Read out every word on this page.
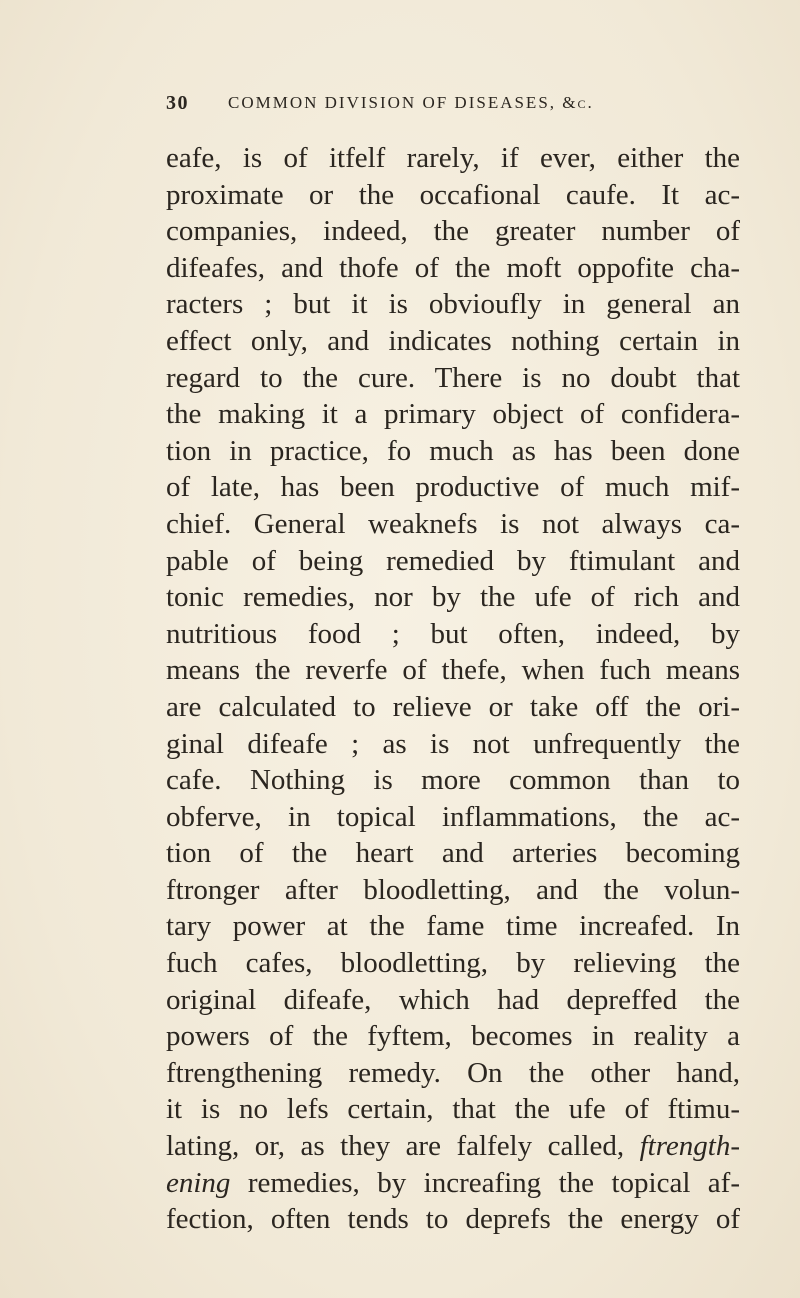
30 COMMON DIVISION OF DISEASES, &c.
eafe, is of itfelf rarely, if ever, either the
proximate or the occafional caufe. It ac-
companies, indeed, the greater number of
difeafes, and thofe of the moft oppofite cha-
racters ; but it is obvioufly in general an
effect only, and indicates nothing certain in
regard to the cure. There is no doubt that
the making it a primary object of confidera-
tion in practice, fo much as has been done
of late, has been productive of much mif-
chief. General weaknefs is not always ca-
pable of being remedied by ftimulant and
tonic remedies, nor by the ufe of rich and
nutritious food ; but often, indeed, by
means the reverfe of thefe, when fuch means
are calculated to relieve or take off the ori-
ginal difeafe ; as is not unfrequently the
cafe. Nothing is more common than to
obferve, in topical inflammations, the ac-
tion of the heart and arteries becoming
ftronger after bloodletting, and the volun-
tary power at the fame time increafed. In
fuch cafes, bloodletting, by relieving the
original difeafe, which had depreffed the
powers of the fyftem, becomes in reality a
ftrengthening remedy. On the other hand,
it is no lefs certain, that the ufe of ftimu-
lating, or, as they are falfely called, ftrength-
ening remedies, by increafing the topical af-
fection, often tends to deprefs the energy of
